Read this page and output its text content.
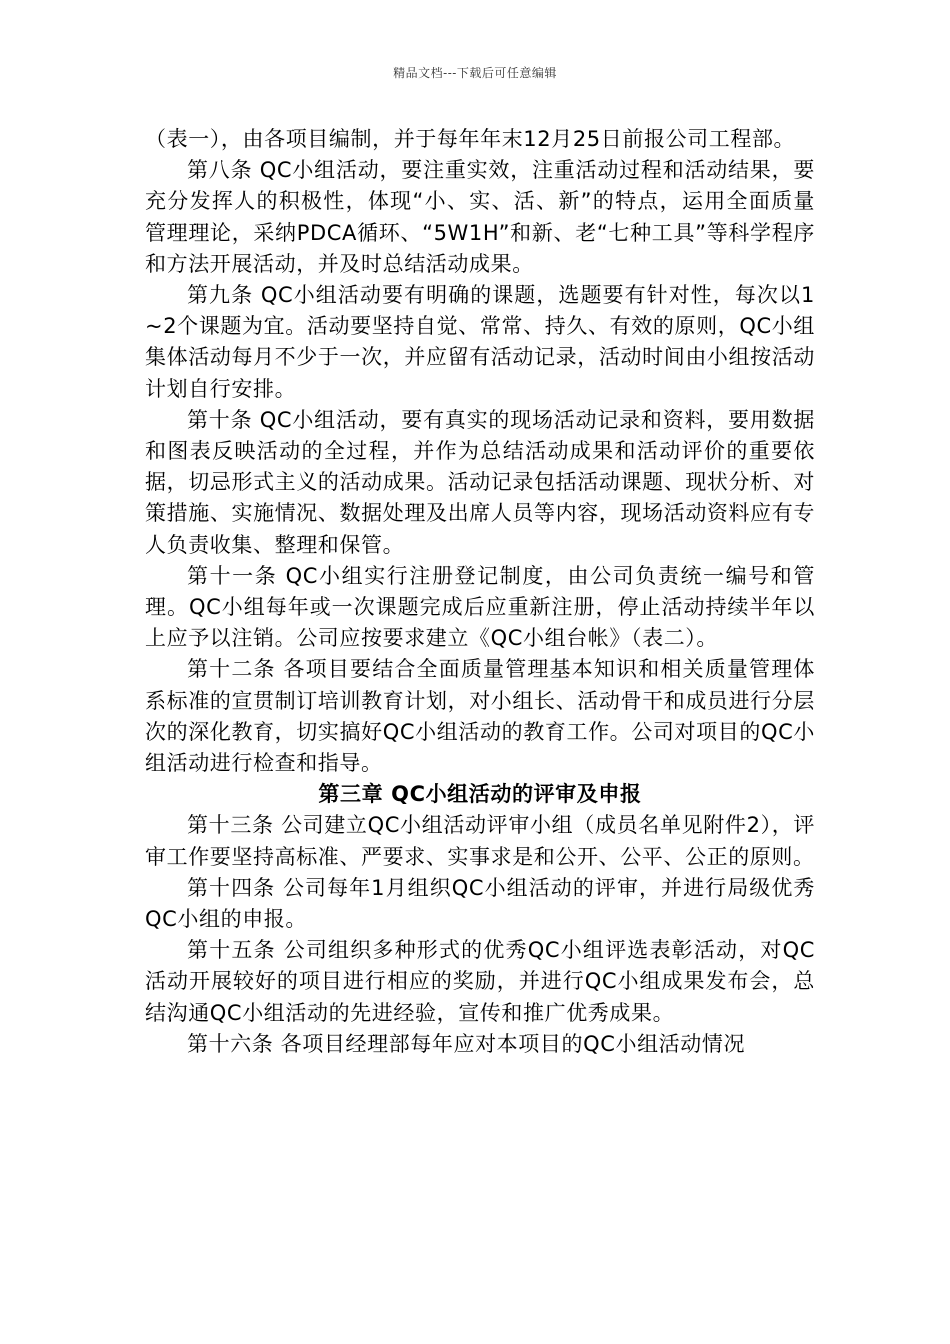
精品文档---下载后可任意编辑

（表一），由各项目编制，并于每年年末12月25日前报公司工程部。

第八条 QC小组活动，要注重实效，注重活动过程和活动结果，要充分发挥人的积极性，体现“小、实、活、新”的特点，运用全面质量管理理论，采纳PDCA循环、“5W1H”和新、老“七种工具”等科学程序和方法开展活动，并及时总结活动成果。

第九条 QC小组活动要有明确的课题，选题要有针对性，每次以1~2个课题为宜。活动要坚持自觉、常常、持久、有效的原则，QC小组集体活动每月不少于一次，并应留有活动记录，活动时间由小组按活动计划自行安排。

第十条 QC小组活动，要有真实的现场活动记录和资料，要用数据和图表反映活动的全过程，并作为总结活动成果和活动评价的重要依据，切忌形式主义的活动成果。活动记录包括活动课题、现状分析、对策措施、实施情况、数据处理及出席人员等内容，现场活动资料应有专人负责收集、整理和保管。

第十一条 QC小组实行注册登记制度，由公司负责统一编号和管理。QC小组每年或一次课题完成后应重新注册，停止活动持续半年以上应予以注销。公司应按要求建立《QC小组台帐》（表二）。

第十二条 各项目要结合全面质量管理基本知识和相关质量管理体系标准的宣贯制订培训教育计划，对小组长、活动骨干和成员进行分层次的深化教育，切实搞好QC小组活动的教育工作。公司对项目的QC小组活动进行检查和指导。

第三章 QC小组活动的评审及申报

第十三条 公司建立QC小组活动评审小组（成员名单见附件2），评审工作要坚持高标准、严要求、实事求是和公开、公平、公正的原则。

第十四条 公司每年1月组织QC小组活动的评审，并进行局级优秀QC小组的申报。

第十五条 公司组织多种形式的优秀QC小组评选表彰活动，对QC活动开展较好的项目进行相应的奖励，并进行QC小组成果发布会，总结沟通QC小组活动的先进经验，宣传和推广优秀成果。

第十六条 各项目经理部每年应对本项目的QC小组活动情况
